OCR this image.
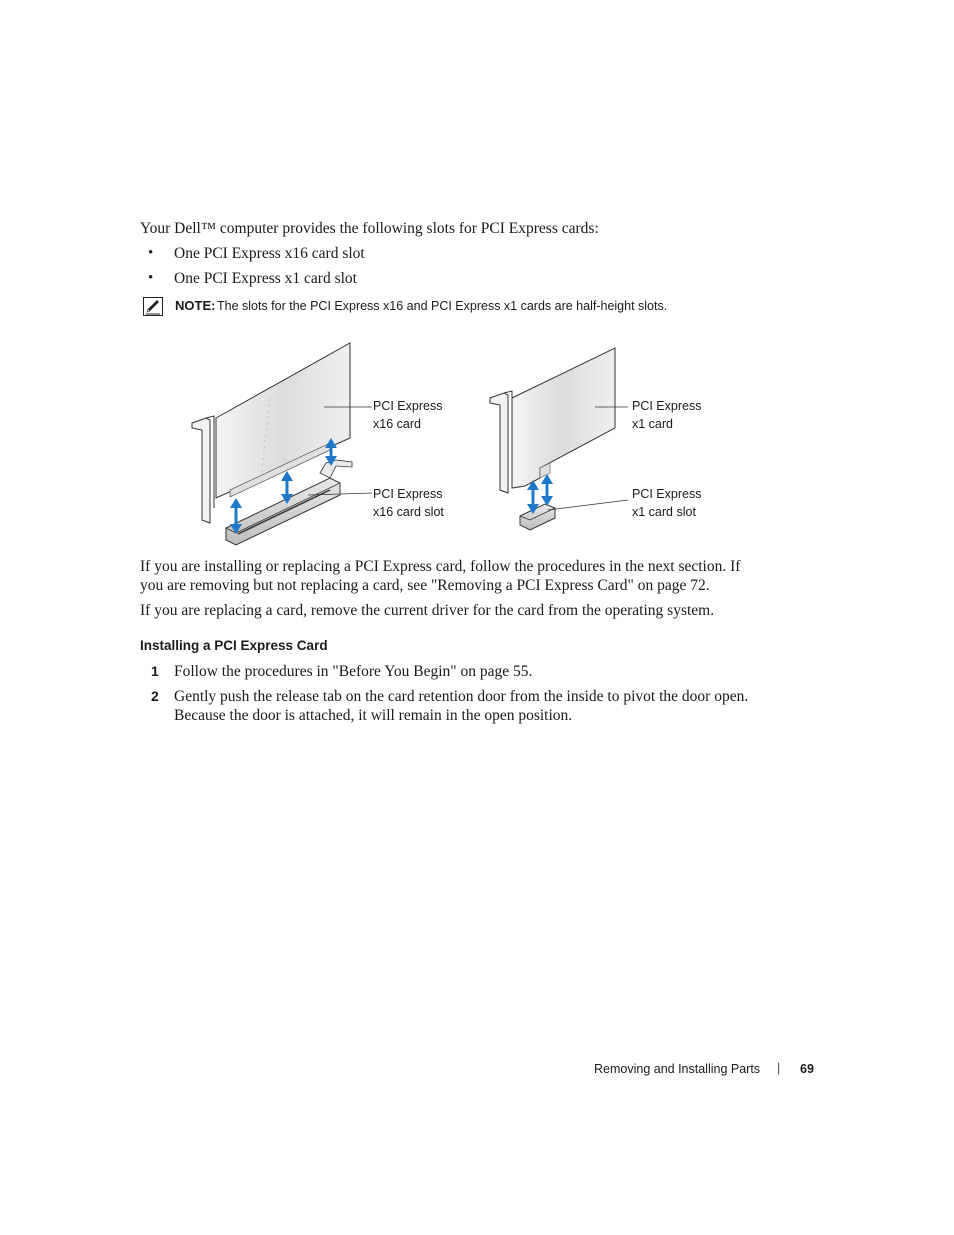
Your Dell™ computer provides the following slots for PCI Express cards:
• One PCI Express x16 card slot
• One PCI Express x1 card slot
NOTE: The slots for the PCI Express x16 and PCI Express x1 cards are half-height slots.
PCI Express
x16 card
PCI Express
x16 card slot
PCI Express
x1 card
PCI Express
x1 card slot
If you are installing or replacing a PCI Express card, follow the procedures in the next section. If you are removing but not replacing a card, see "Removing a PCI Express Card" on page 72.
If you are replacing a card, remove the current driver for the card from the operating system.
Installing a PCI Express Card
1 Follow the procedures in "Before You Begin" on page 55.
2 Gently push the release tab on the card retention door from the inside to pivot the door open. Because the door is attached, it will remain in the open position.
Removing and Installing Parts | 69
